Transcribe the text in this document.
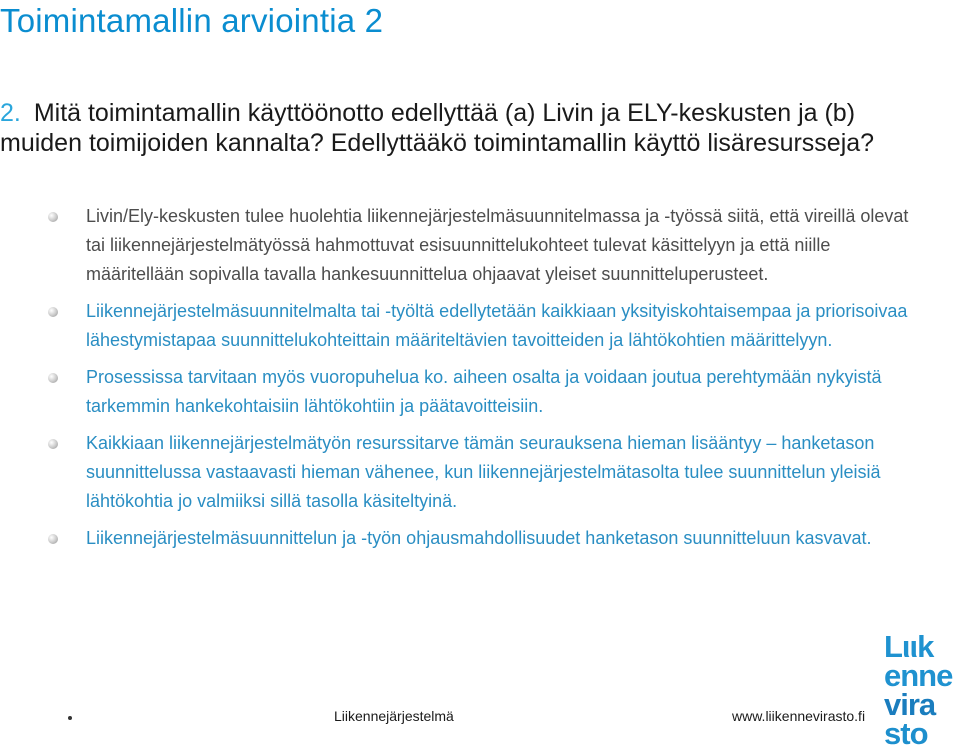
Toimintamallin arviointia 2
2. Mitä toimintamallin käyttöönotto edellyttää (a) Livin ja ELY-keskusten ja (b) muiden toimijoiden kannalta? Edellyttääkö toimintamallin käyttö lisäresursseja?
Livin/Ely-keskusten tulee huolehtia liikennejärjestelmäsuunnitelmassa ja -työssä siitä, että vireillä olevat tai liikennejärjestelmätyössä hahmottuvat esisuunnittelukohteet tulevat käsittelyyn ja että niille määritellään sopivalla tavalla hankesuunnittelua ohjaavat yleiset suunnitteluperusteet.
Liikennejärjestelmäsuunnitelmalta tai -työltä edellytetään kaikkiaan yksityiskohtaisempaa ja priorisoivaa lähestymistapaa suunnittelukohteittain määriteltävien tavoitteiden ja lähtökohtien määrittelyyn.
Prosessissa tarvitaan myös vuoropuhelua ko. aiheen osalta ja voidaan joutua perehtymään nykyistä tarkemmin hankekohtaisiin lähtökohtiin ja päätavoitteisiin.
Kaikkiaan liikennejärjestelmätyön resurssitarve tämän seurauksena hieman lisääntyy – hanketason suunnittelussa vastaavasti hieman vähenee, kun liikennejärjestelmätasolta tulee suunnittelun yleisiä lähtökohtia jo valmiiksi sillä tasolla käsiteltyinä.
Liikennejärjestelmäsuunnittelun ja -työn ohjausmahdollisuudet hanketason suunnitteluun kasvavat.
Liikennejärjestelmä	www.liikennevirasto.fi
Lιιk
enne
vira
sto
